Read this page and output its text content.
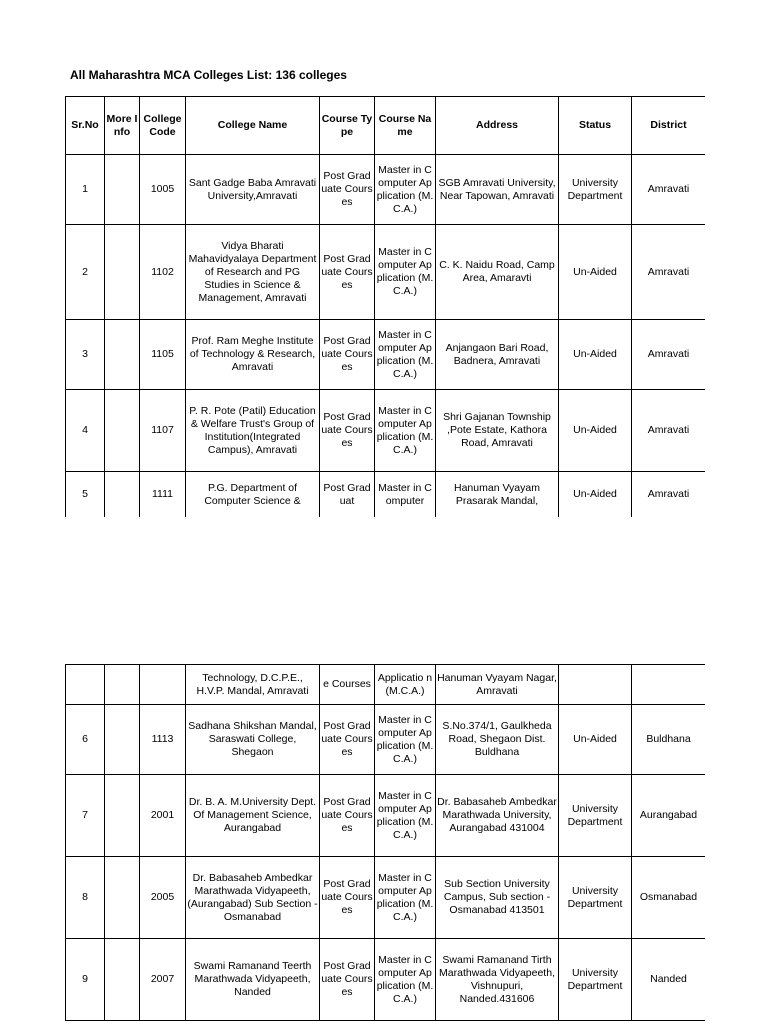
All Maharashtra MCA Colleges List: 136 colleges
Sr.No	More Info	College Code	College Name	Course Type	Course Name	Address	Status	District
1		1005	Sant Gadge Baba Amravati University,Amravati	Post Graduate Courses	Master in Computer Application (M.C.A.)	SGB Amravati University, Near Tapowan, Amravati	University Department	Amravati
2		1102	Vidya Bharati Mahavidyalaya Department of Research and PG Studies in Science & Management, Amravati	Post Graduate Courses	Master in Computer Application (M.C.A.)	C. K. Naidu Road, Camp Area, Amaravti	Un-Aided	Amravati
3		1105	Prof. Ram Meghe Institute of Technology & Research, Amravati	Post Graduate Courses	Master in Computer Application (M.C.A.)	Anjangaon Bari Road, Badnera, Amravati	Un-Aided	Amravati
4		1107	P. R. Pote (Patil) Education & Welfare Trust's Group of Institution(Integrated Campus), Amravati	Post Graduate Courses	Master in Computer Application (M.C.A.)	Shri Gajanan Township ,Pote Estate, Kathora Road, Amravati	Un-Aided	Amravati
5		1111	P.G. Department of Computer Science &	Post Graduat	Master in Computer	Hanuman Vyayam Prasarak Mandal,	Un-Aided	Amravati
			Technology, D.C.P.E., H.V.P. Mandal, Amravati	e Courses	Applicatio n (M.C.A.)	Hanuman Vyayam Nagar, Amravati		
6		1113	Sadhana Shikshan Mandal, Saraswati College, Shegaon	Post Graduate Courses	Master in Computer Application (M.C.A.)	S.No.374/1, Gaulkheda Road, Shegaon Dist. Buldhana	Un-Aided	Buldhana
7		2001	Dr. B. A. M.University Dept. Of Management Science, Aurangabad	Post Graduate Courses	Master in Computer Application (M.C.A.)	Dr. Babasaheb Ambedkar Marathwada University, Aurangabad 431004	University Department	Aurangabad
8		2005	Dr. Babasaheb Ambedkar Marathwada Vidyapeeth,(Aurangabad) Sub Section - Osmanabad	Post Graduate Courses	Master in Computer Application (M.C.A.)	Sub Section University Campus, Sub section - Osmanabad 413501	University Department	Osmanabad
9		2007	Swami Ramanand Teerth Marathwada Vidyapeeth, Nanded	Post Graduate Courses	Master in Computer Application (M.C.A.)	Swami Ramanand Tirth Marathwada Vidyapeeth, Vishnupuri, Nanded.431606	University Department	Nanded
